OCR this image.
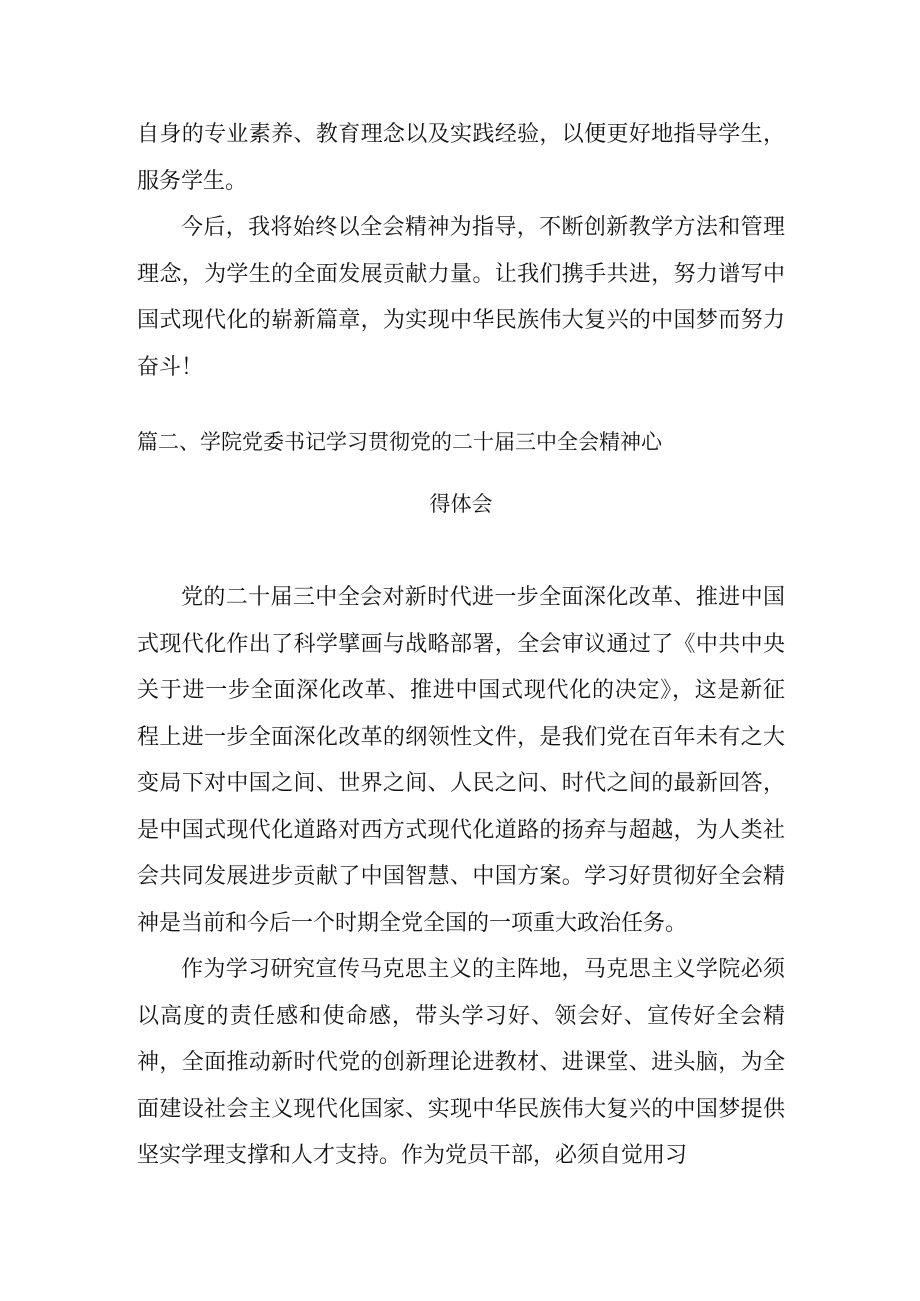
自身的专业素养、教育理念以及实践经验，以便更好地指导学生，服务学生。

今后，我将始终以全会精神为指导，不断创新教学方法和管理理念，为学生的全面发展贡献力量。让我们携手共进，努力谱写中国式现代化的崭新篇章，为实现中华民族伟大复兴的中国梦而努力奋斗！

篇二、学院党委书记学习贯彻党的二十届三中全会精神心
得体会

党的二十届三中全会对新时代进一步全面深化改革、推进中国式现代化作出了科学擘画与战略部署，全会审议通过了《中共中央关于进一步全面深化改革、推进中国式现代化的决定》，这是新征程上进一步全面深化改革的纲领性文件，是我们党在百年未有之大变局下对中国之间、世界之间、人民之问、时代之间的最新回答，是中国式现代化道路对西方式现代化道路的扬弃与超越，为人类社会共同发展进步贡献了中国智慧、中国方案。学习好贯彻好全会精神是当前和今后一个时期全党全国的一项重大政治任务。

作为学习研究宣传马克思主义的主阵地，马克思主义学院必须以高度的责任感和使命感，带头学习好、领会好、宣传好全会精神，全面推动新时代党的创新理论进教材、进课堂、进头脑，为全面建设社会主义现代化国家、实现中华民族伟大复兴的中国梦提供坚实学理支撑和人才支持。作为党员干部，必须自觉用习
